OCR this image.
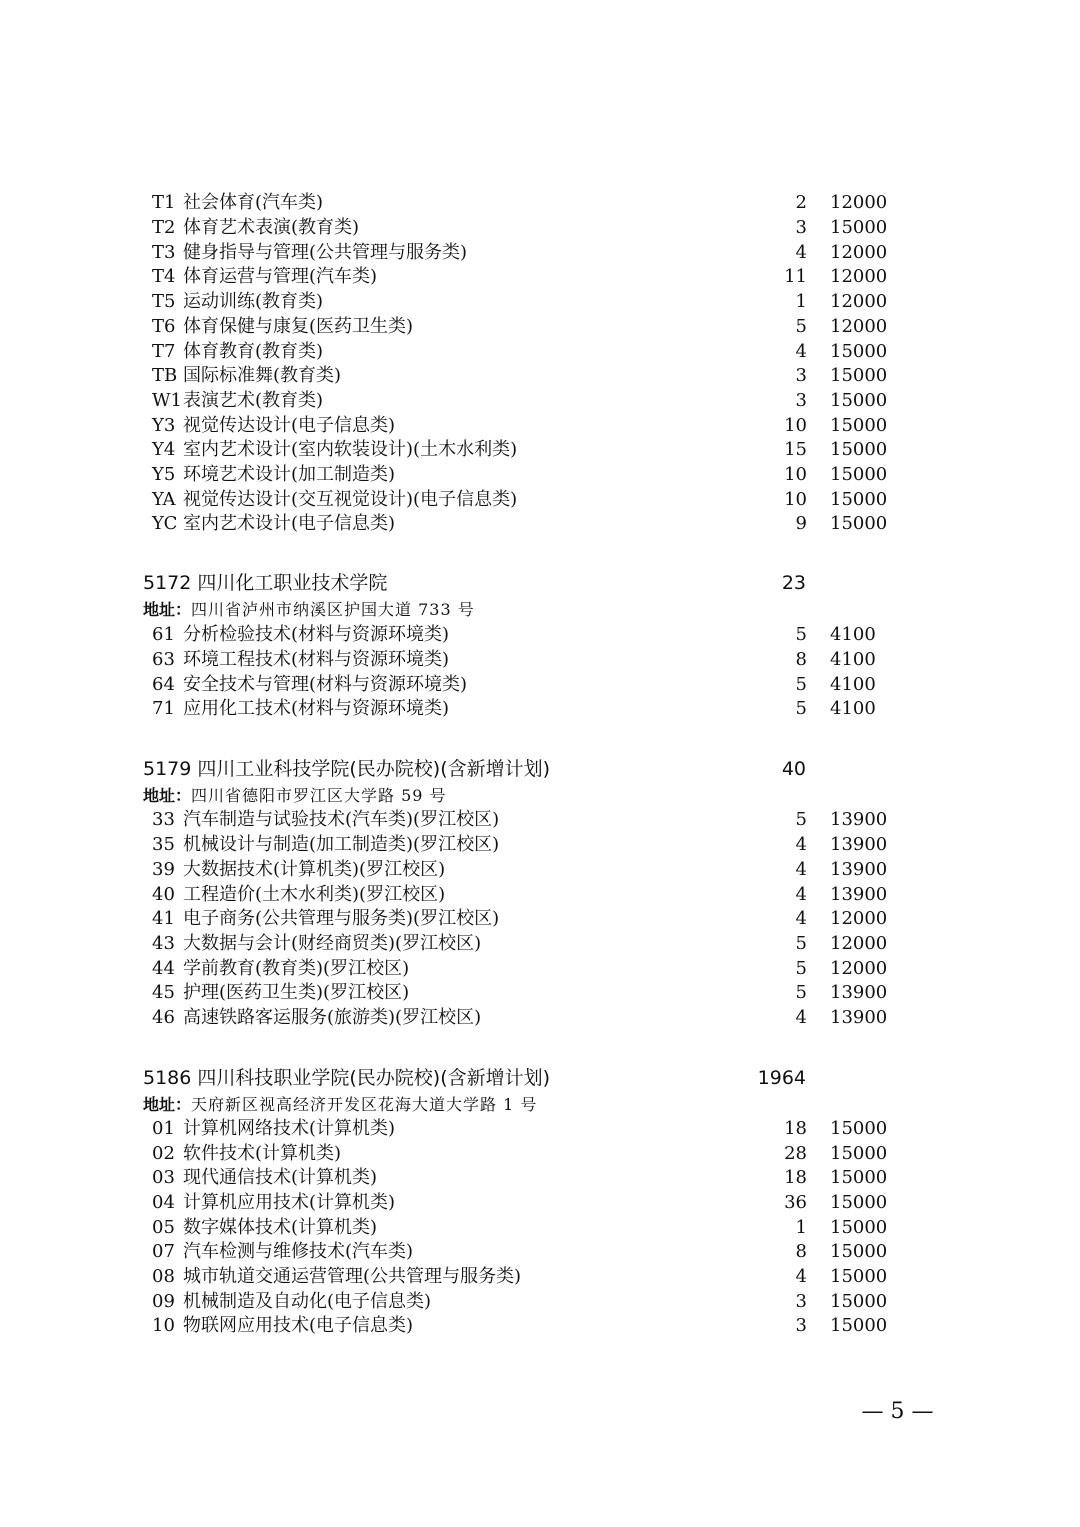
T1 社会体育(汽车类)	2 12000
T2 体育艺术表演(教育类)	3 15000
T3 健身指导与管理(公共管理与服务类)	4 12000
T4 体育运营与管理(汽车类)	11 12000
T5 运动训练(教育类)	1 12000
T6 体育保健与康复(医药卫生类)	5 12000
T7 体育教育(教育类)	4 15000
TB 国际标准舞(教育类)	3 15000
W1 表演艺术(教育类)	3 15000
Y3 视觉传达设计(电子信息类)	10 15000
Y4 室内艺术设计(室内软装设计)(土木水利类)	15 15000
Y5 环境艺术设计(加工制造类)	10 15000
YA 视觉传达设计(交互视觉设计)(电子信息类)	10 15000
YC 室内艺术设计(电子信息类)	9 15000
5172 四川化工职业技术学院	23
地址：四川省泸州市纳溪区护国大道 733 号
61 分析检验技术(材料与资源环境类)	5 4100
63 环境工程技术(材料与资源环境类)	8 4100
64 安全技术与管理(材料与资源环境类)	5 4100
71 应用化工技术(材料与资源环境类)	5 4100
5179 四川工业科技学院(民办院校)(含新增计划)	40
地址：四川省德阳市罗江区大学路 59 号
33 汽车制造与试验技术(汽车类)(罗江校区)	5 13900
35 机械设计与制造(加工制造类)(罗江校区)	4 13900
39 大数据技术(计算机类)(罗江校区)	4 13900
40 工程造价(土木水利类)(罗江校区)	4 13900
41 电子商务(公共管理与服务类)(罗江校区)	4 12000
43 大数据与会计(财经商贸类)(罗江校区)	5 12000
44 学前教育(教育类)(罗江校区)	5 12000
45 护理(医药卫生类)(罗江校区)	5 13900
46 高速铁路客运服务(旅游类)(罗江校区)	4 13900
5186 四川科技职业学院(民办院校)(含新增计划)	1964
地址：天府新区视高经济开发区花海大道大学路 1 号
01 计算机网络技术(计算机类)	18 15000
02 软件技术(计算机类)	28 15000
03 现代通信技术(计算机类)	18 15000
04 计算机应用技术(计算机类)	36 15000
05 数字媒体技术(计算机类)	1 15000
07 汽车检测与维修技术(汽车类)	8 15000
08 城市轨道交通运营管理(公共管理与服务类)	4 15000
09 机械制造及自动化(电子信息类)	3 15000
10 物联网应用技术(电子信息类)	3 15000
— 5 —
